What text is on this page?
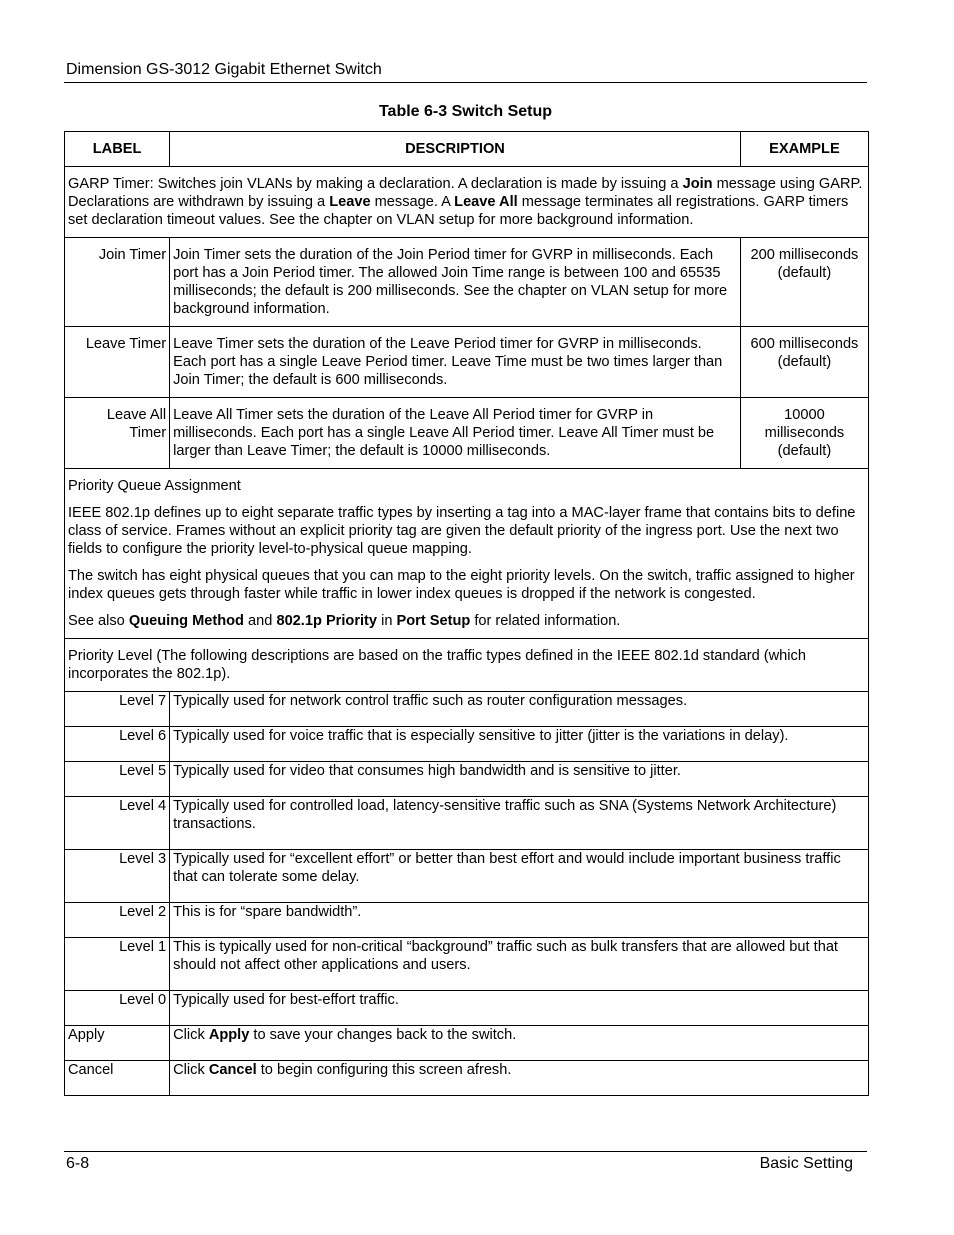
Dimension GS-3012 Gigabit Ethernet Switch
Table 6-3 Switch Setup
LABEL	DESCRIPTION	EXAMPLE
GARP Timer: Switches join VLANs by making a declaration. A declaration is made by issuing a Join message using GARP. Declarations are withdrawn by issuing a Leave message. A Leave All message terminates all registrations. GARP timers set declaration timeout values. See the chapter on VLAN setup for more background information.		
Join Timer	Join Timer sets the duration of the Join Period timer for GVRP in milliseconds. Each port has a Join Period timer. The allowed Join Time range is between 100 and 65535 milliseconds; the default is 200 milliseconds. See the chapter on VLAN setup for more background information.	200 milliseconds (default)
Leave Timer	Leave Timer sets the duration of the Leave Period timer for GVRP in milliseconds. Each port has a single Leave Period timer. Leave Time must be two times larger than Join Timer; the default is 600 milliseconds.	600 milliseconds (default)
Leave All Timer	Leave All Timer sets the duration of the Leave All Period timer for GVRP in milliseconds. Each port has a single Leave All Period timer. Leave All Timer must be larger than Leave Timer; the default is 10000 milliseconds.	10000 milliseconds (default)

Priority Queue Assignment

IEEE 802.1p defines up to eight separate traffic types by inserting a tag into a MAC-layer frame that contains bits to define class of service. Frames without an explicit priority tag are given the default priority of the ingress port. Use the next two fields to configure the priority level-to-physical queue mapping.

The switch has eight physical queues that you can map to the eight priority levels. On the switch, traffic assigned to higher index queues gets through faster while traffic in lower index queues is dropped if the network is congested.

See also Queuing Method and 802.1p Priority in Port Setup for related information.		

Priority Level (The following descriptions are based on the traffic types defined in the IEEE 802.1d standard (which incorporates the 802.1p).		
Level 7	Typically used for network control traffic such as router configuration messages.	
Level 6	Typically used for voice traffic that is especially sensitive to jitter (jitter is the variations in delay).	
Level 5	Typically used for video that consumes high bandwidth and is sensitive to jitter.	
Level 4	Typically used for controlled load, latency-sensitive traffic such as SNA (Systems Network Architecture) transactions.	
Level 3	Typically used for “excellent effort” or better than best effort and would include important business traffic that can tolerate some delay.	
Level 2	This is for “spare bandwidth”.	
Level 1	This is typically used for non-critical “background” traffic such as bulk transfers that are allowed but that should not affect other applications and users.	
Level 0	Typically used for best-effort traffic.	
Apply	Click Apply to save your changes back to the switch.	
Cancel	Click Cancel to begin configuring this screen afresh.	
6-8	Basic Setting
